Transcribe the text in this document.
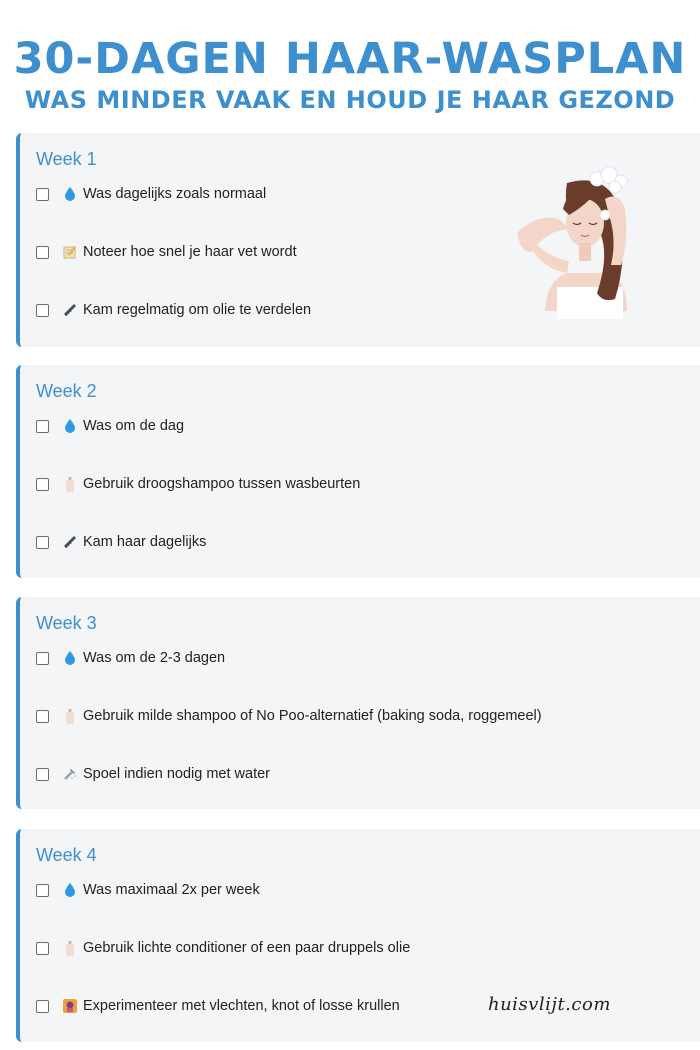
30-DAGEN HAAR-WASPLAN
WAS MINDER VAAK EN HOUD JE HAAR GEZOND
Week 1
Was dagelijks zoals normaal
Noteer hoe snel je haar vet wordt
Kam regelmatig om olie te verdelen
Week 2
Was om de dag
Gebruik droogshampoo tussen wasbeurten
Kam haar dagelijks
Week 3
Was om de 2-3 dagen
Gebruik milde shampoo of No Poo-alternatief (baking soda, roggemeel)
Spoel indien nodig met water
Week 4
Was maximaal 2x per week
Gebruik lichte conditioner of een paar druppels olie
Experimenteer met vlechten, knot of losse krullen	huisvlijt.com
